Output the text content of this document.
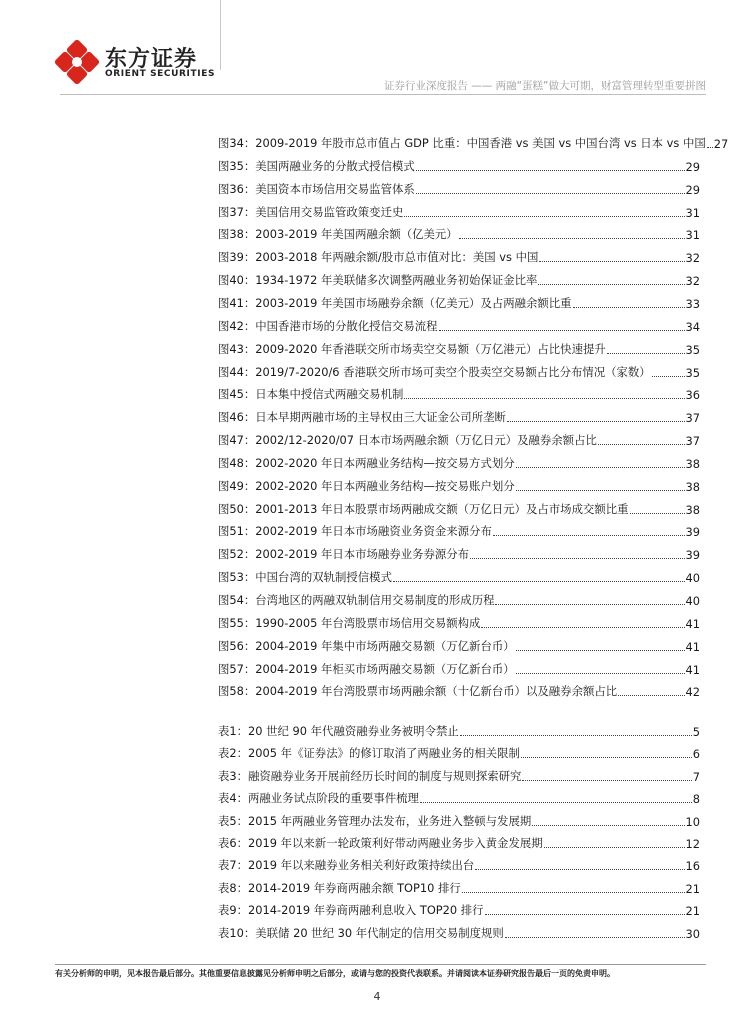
东方证券
ORIENT SECURITIES
证券行业深度报告 —— 两融“蛋糕”做大可期，财富管理转型重要拼图
图34：2009-2019 年股市总市值占 GDP 比重：中国香港 vs 美国 vs 中国台湾 vs 日本 vs 中国 27
图35：美国两融业务的分散式授信模式	29
图36：美国资本市场信用交易监管体系	29
图37：美国信用交易监管政策变迁史	31
图38：2003-2019 年美国两融余额（亿美元）	31
图39：2003-2018 年两融余额/股市总市值对比：美国 vs 中国	32
图40：1934-1972 年美联储多次调整两融业务初始保证金比率	32
图41：2003-2019 年美国市场融券余额（亿美元）及占两融余额比重	33
图42：中国香港市场的分散化授信交易流程	34
图43：2009-2020 年香港联交所市场卖空交易额（万亿港元）占比快速提升	35
图44：2019/7-2020/6 香港联交所市场可卖空个股卖空交易额占比分布情况（家数）	35
图45：日本集中授信式两融交易机制	36
图46：日本早期两融市场的主导权由三大证金公司所垄断	37
图47：2002/12-2020/07 日本市场两融余额（万亿日元）及融券余额占比	37
图48：2002-2020 年日本两融业务结构—按交易方式划分	38
图49：2002-2020 年日本两融业务结构—按交易账户划分	38
图50：2001-2013 年日本股票市场两融成交额（万亿日元）及占市场成交额比重	38
图51：2002-2019 年日本市场融资业务资金来源分布	39
图52：2002-2019 年日本市场融券业务券源分布	39
图53：中国台湾的双轨制授信模式	40
图54：台湾地区的两融双轨制信用交易制度的形成历程	40
图55：1990-2005 年台湾股票市场信用交易额构成	41
图56：2004-2019 年集中市场两融交易额（万亿新台币）	41
图57：2004-2019 年柜买市场两融交易额（万亿新台币）	41
图58：2004-2019 年台湾股票市场两融余额（十亿新台币）以及融券余额占比	42
表1：20 世纪 90 年代融资融券业务被明令禁止	5
表2：2005 年《证券法》的修订取消了两融业务的相关限制	6
表3：融资融券业务开展前经历长时间的制度与规则探索研究	7
表4：两融业务试点阶段的重要事件梳理	8
表5：2015 年两融业务管理办法发布，业务进入整顿与发展期	10
表6：2019 年以来新一轮政策利好带动两融业务步入黄金发展期	12
表7：2019 年以来融券业务相关利好政策持续出台	16
表8：2014-2019 年券商两融余额 TOP10 排行	21
表9：2014-2019 年券商两融利息收入 TOP20 排行	21
表10：美联储 20 世纪 30 年代制定的信用交易制度规则	30
有关分析师的申明，见本报告最后部分。其他重要信息披露见分析师申明之后部分，或请与您的投资代表联系。并请阅读本证券研究报告最后一页的免责申明。
4
